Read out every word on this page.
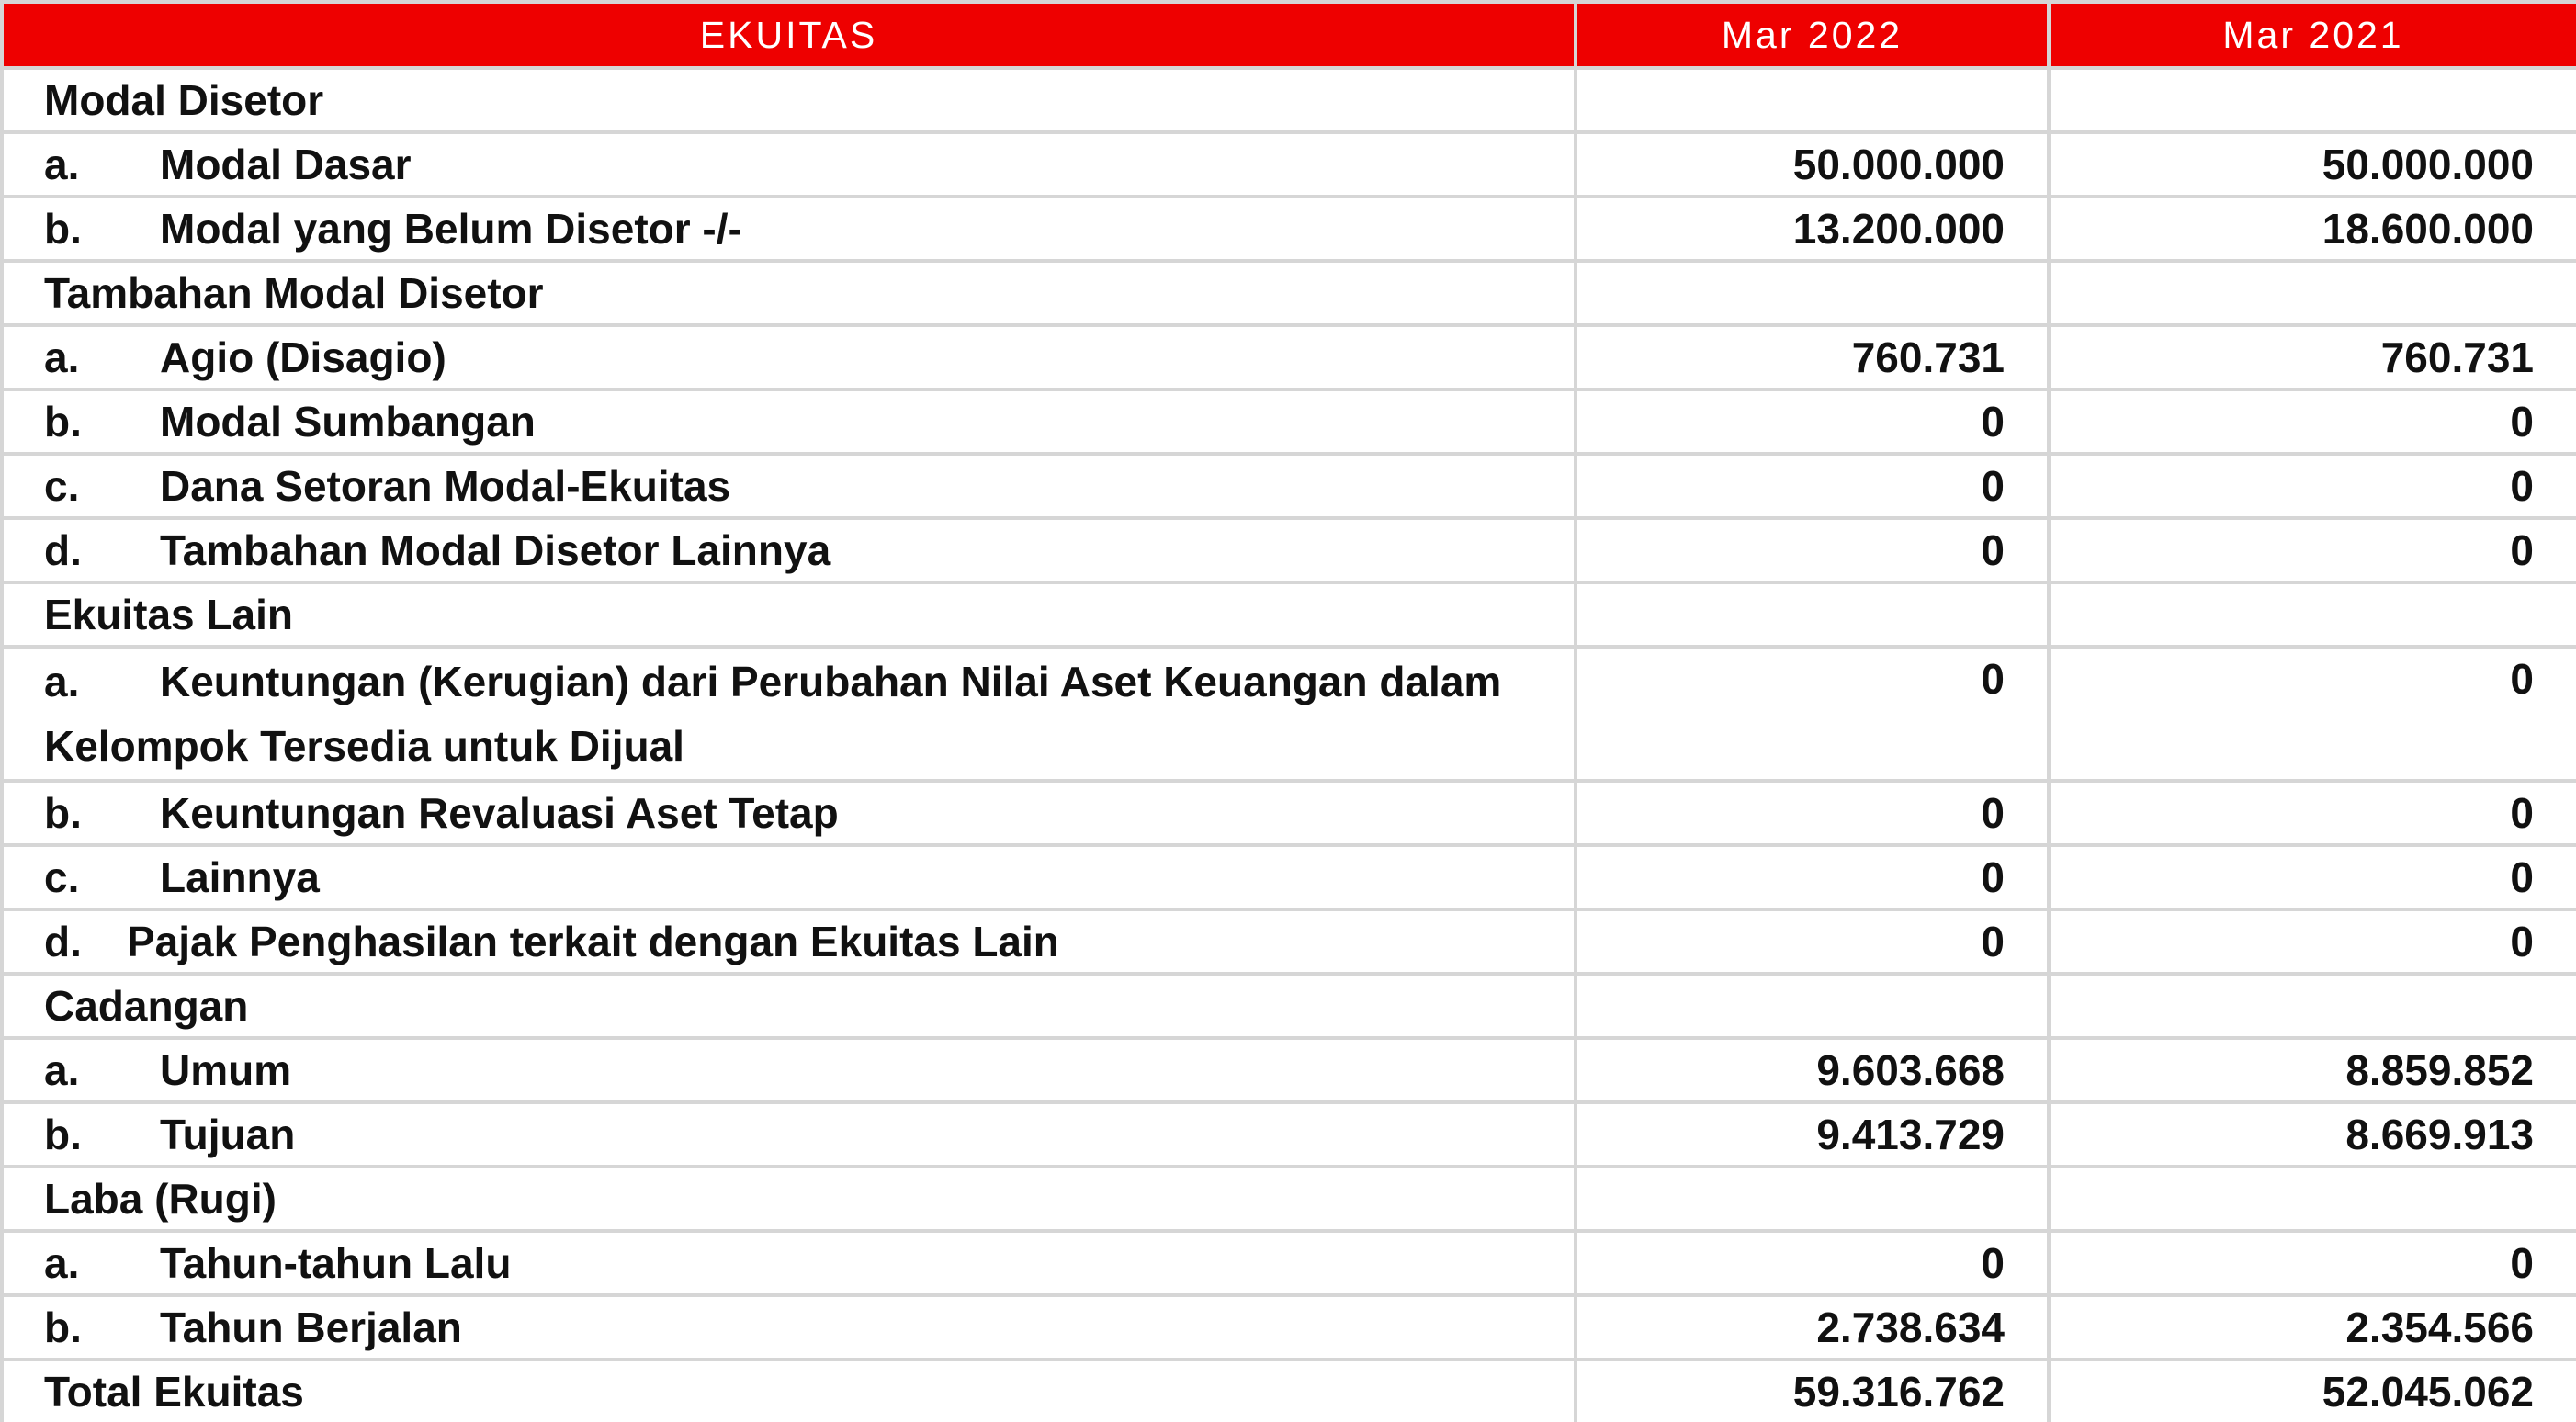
EKUITAS	Mar 2022	Mar 2021
Modal Disetor		
a. Modal Dasar	50.000.000	50.000.000
b. Modal yang Belum Disetor -/-	13.200.000	18.600.000
Tambahan Modal Disetor		
a. Agio (Disagio)	760.731	760.731
b. Modal Sumbangan	0	0
c. Dana Setoran Modal-Ekuitas	0	0
d. Tambahan Modal Disetor Lainnya	0	0
Ekuitas Lain		
a. Keuntungan (Kerugian) dari Perubahan Nilai Aset Keuangan dalam Kelompok Tersedia untuk Dijual	0	0
b. Keuntungan Revaluasi Aset Tetap	0	0
c. Lainnya	0	0
d. Pajak Penghasilan terkait dengan Ekuitas Lain	0	0
Cadangan		
a. Umum	9.603.668	8.859.852
b. Tujuan	9.413.729	8.669.913
Laba (Rugi)		
a. Tahun-tahun Lalu	0	0
b. Tahun Berjalan	2.738.634	2.354.566
Total Ekuitas	59.316.762	52.045.062
